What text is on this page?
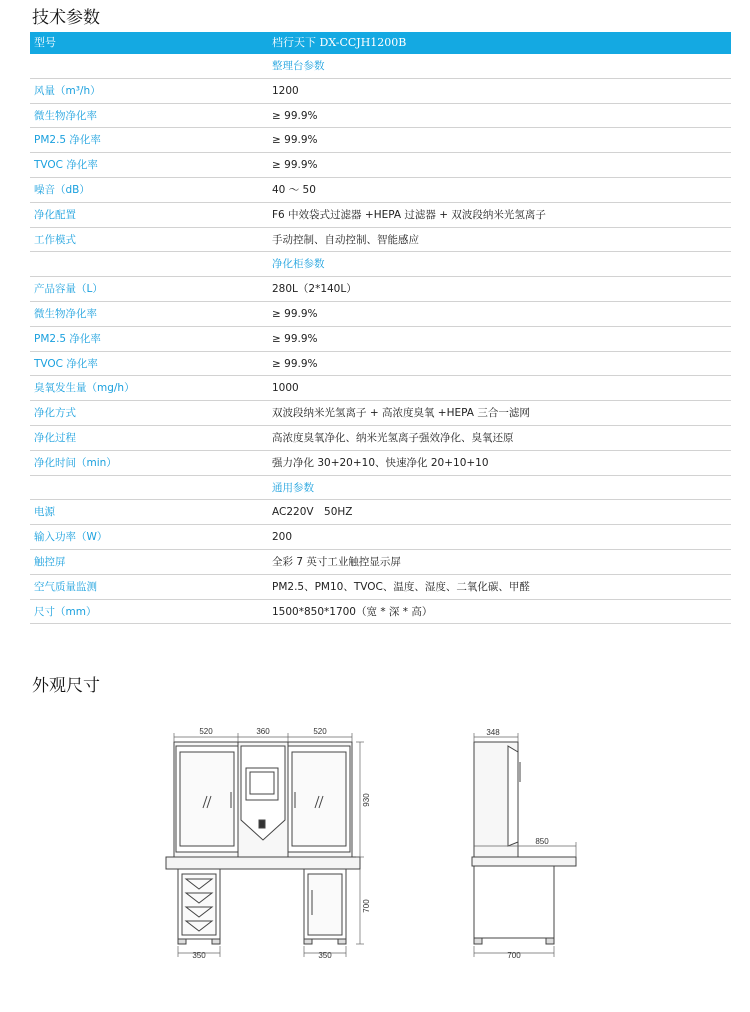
技术参数
型号	档行天下 DX-CCJH1200B
整理台参数
风量（m³/h）	1200
微生物净化率	≥ 99.9%
PM2.5 净化率	≥ 99.9%
TVOC 净化率	≥ 99.9%
噪音（dB）	40 ～ 50
净化配置	F6 中效袋式过滤器 +HEPA 过滤器 + 双波段纳米光氢离子
工作模式	手动控制、自动控制、智能感应
净化柜参数
产品容量（L）	280L（2*140L）
微生物净化率	≥ 99.9%
PM2.5 净化率	≥ 99.9%
TVOC 净化率	≥ 99.9%
臭氧发生量（mg/h）	1000
净化方式	双波段纳米光氢离子 + 高浓度臭氧 +HEPA 三合一滤网
净化过程	高浓度臭氧净化、纳米光氢离子强效净化、臭氧还原
净化时间（min）	强力净化 30+20+10、快速净化 20+10+10
通用参数
电源	AC220V　50HZ
输入功率（W）	200
触控屏	全彩 7 英寸工业触控显示屏
空气质量监测	PM2.5、PM10、TVOC、温度、湿度、二氧化碳、甲醛
尺寸（mm）	1500*850*1700（宽 * 深 * 高）
外观尺寸
520	360	520
930
700
350	350
348
850
700
